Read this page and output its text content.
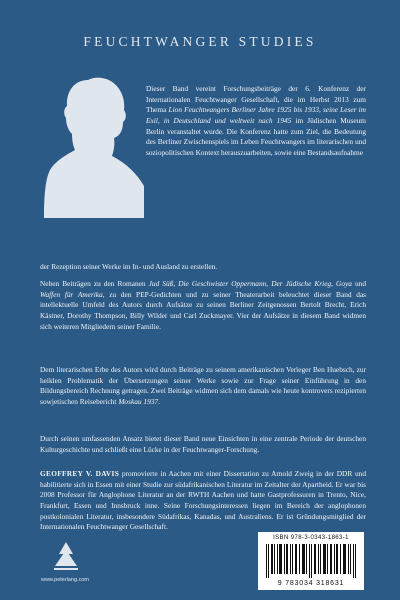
FEUCHTWANGER STUDIES
Dieser Band vereint Forschungsbeiträge der 6. Konferenz der Internationalen Feuchtwanger Gesellschaft, die im Herbst 2013 zum Thema Lion Feuchtwangers Berliner Jahre 1925 bis 1933, seine Leser im Exil, in Deutschland und weltweit nach 1945 im Jüdischen Museum Berlin veranstaltet wurde. Die Konferenz hatte zum Ziel, die Bedeutung des Berliner Zwischenspiels im Leben Feuchtwangers im literarischen und soziopolitischen Kontext herauszuarbeiten, sowie eine Bestandsaufnahme
der Rezeption seiner Werke im In- und Ausland zu erstellen.
Neben Beiträgen zu den Romanen Jud Süß, Die Geschwister Oppermann, Der Jüdische Krieg, Goya und Waffen für Amerika, zu den PEP-Gedichten und zu seiner Theaterarbeit beleuchtet dieser Band das intellektuelle Umfeld des Autors durch Aufsätze zu seinen Berliner Zeitgenossen Bertolt Brecht, Erich Kästner, Dorothy Thompson, Billy Wilder und Carl Zuckmayer. Vier der Aufsätze in diesem Band widmen sich weiteren Mitgliedern seiner Familie.
Dem literarischen Erbe des Autors wird durch Beiträge zu seinem amerikanischen Verleger Ben Huebsch, zur heiklen Problematik der Übersetzungen seiner Werke sowie zur Frage seiner Einführung in den Bildungsbereich Rechnung getragen. Zwei Beiträge widmen sich dem damals wie heute kontrovers rezipierten sowjetischen Reisebericht Moskau 1937.
Durch seinen umfassenden Ansatz bietet dieser Band neue Einsichten in eine zentrale Periode der deutschen Kulturgeschichte und schließt eine Lücke in der Feuchtwanger-Forschung.
GEOFFREY V. DAVIS promovierte in Aachen mit einer Dissertation zu Arnold Zweig in der DDR und habilitierte sich in Essen mit einer Studie zur südafrikanischen Literatur im Zeitalter der Apartheid. Er war bis 2008 Professor für Anglophone Literatur an der RWTH Aachen und hatte Gastprofessuren in Trento, Nice, Frankfurt, Essen und Innsbruck inne. Seine Forschungsinteressen liegen im Bereich der anglophonen postkolonialen Literatur, insbesondere Südafrikas, Kanadas, und Australiens. Er ist Gründungsmitglied der Internationalen Feuchtwanger Gesellschaft.
www.peterlang.com
ISBN 978-3-0343-1863-1
9 783034 318631
